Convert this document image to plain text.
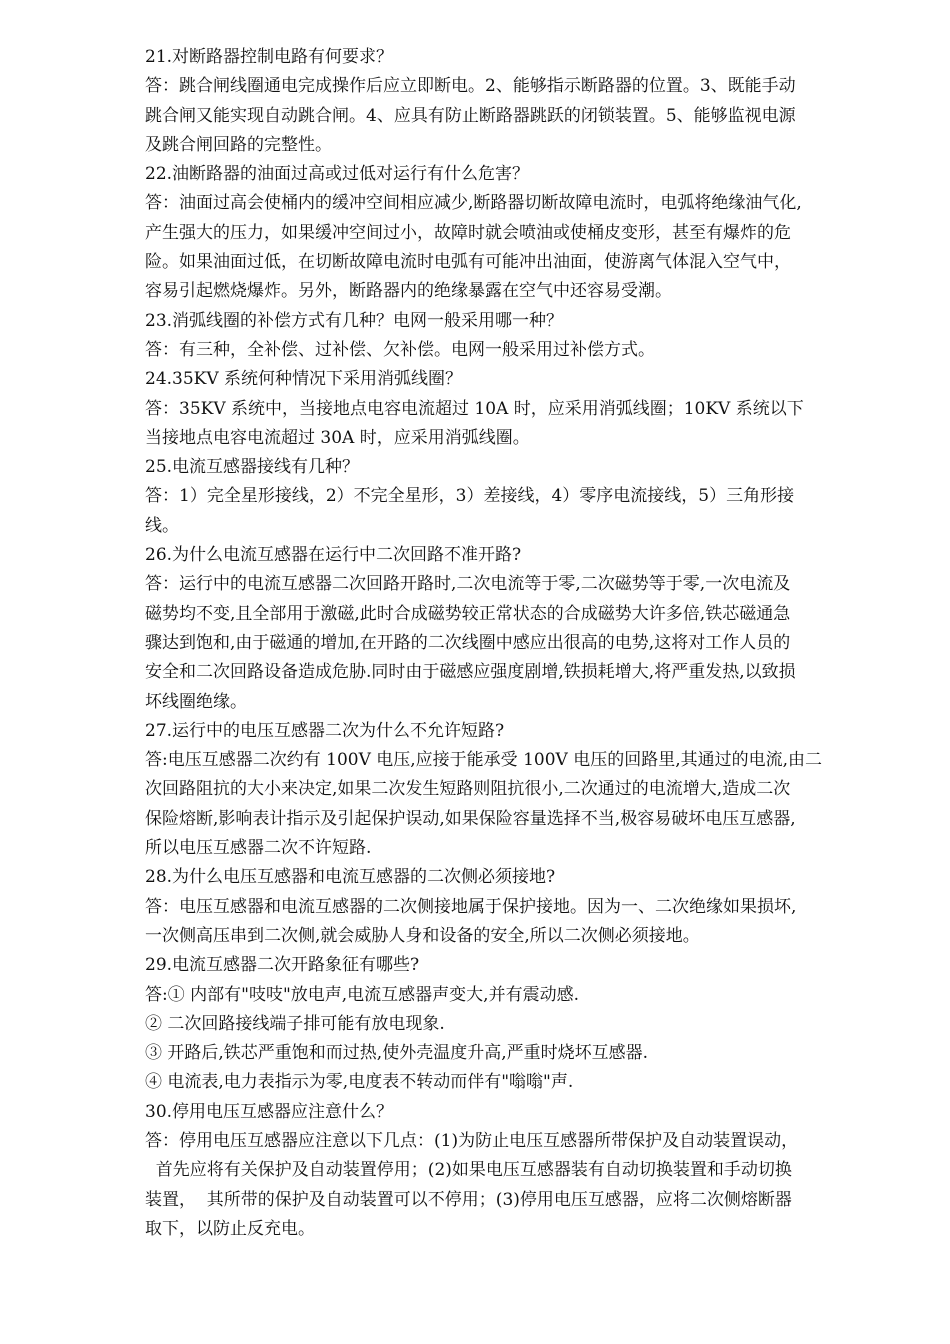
21.对断路器控制电路有何要求？
答：跳合闸线圈通电完成操作后应立即断电。2、能够指示断路器的位置。3、既能手动
跳合闸又能实现自动跳合闸。4、应具有防止断路器跳跃的闭锁装置。5、能够监视电源
及跳合闸回路的完整性。
22.油断路器的油面过高或过低对运行有什么危害？
答：油面过高会使桶内的缓冲空间相应减少,断路器切断故障电流时，电弧将绝缘油气化,
产生强大的压力，如果缓冲空间过小，故障时就会喷油或使桶皮变形，甚至有爆炸的危
险。如果油面过低，在切断故障电流时电弧有可能冲出油面，使游离气体混入空气中，
容易引起燃烧爆炸。另外，断路器内的绝缘暴露在空气中还容易受潮。
23.消弧线圈的补偿方式有几种？电网一般采用哪一种？
答：有三种，全补偿、过补偿、欠补偿。电网一般采用过补偿方式。
24.35KV 系统何种情况下采用消弧线圈？
答：35KV 系统中，当接地点电容电流超过 10A 时，应采用消弧线圈；10KV 系统以下
当接地点电容电流超过 30A 时，应采用消弧线圈。
25.电流互感器接线有几种？
答：1）完全星形接线，2）不完全星形，3）差接线，4）零序电流接线，5）三角形接
线。
26.为什么电流互感器在运行中二次回路不准开路?
答：运行中的电流互感器二次回路开路时,二次电流等于零,二次磁势等于零,一次电流及
磁势均不变,且全部用于激磁,此时合成磁势较正常状态的合成磁势大许多倍,铁芯磁通急
骤达到饱和,由于磁通的增加,在开路的二次线圈中感应出很高的电势,这将对工作人员的
安全和二次回路设备造成危胁.同时由于磁感应强度剧增,铁损耗增大,将严重发热,以致损
坏线圈绝缘。
27.运行中的电压互感器二次为什么不允许短路?
答:电压互感器二次约有 100V 电压,应接于能承受 100V 电压的回路里,其通过的电流,由二
次回路阻抗的大小来决定,如果二次发生短路则阻抗很小,二次通过的电流增大,造成二次
保险熔断,影响表计指示及引起保护误动,如果保险容量选择不当,极容易破坏电压互感器,
所以电压互感器二次不许短路.
28.为什么电压互感器和电流互感器的二次侧必须接地?
答：电压互感器和电流互感器的二次侧接地属于保护接地。因为一、二次绝缘如果损坏,
一次侧高压串到二次侧,就会威胁人身和设备的安全,所以二次侧必须接地。
29.电流互感器二次开路象征有哪些?
答:① 内部有"吱吱"放电声,电流互感器声变大,并有震动感.
② 二次回路接线端子排可能有放电现象.
③ 开路后,铁芯严重饱和而过热,使外壳温度升高,严重时烧坏互感器.
④ 电流表,电力表指示为零,电度表不转动而伴有"嗡嗡"声.
30.停用电压互感器应注意什么？
答：停用电压互感器应注意以下几点：(1)为防止电压互感器所带保护及自动装置误动，
首先应将有关保护及自动装置停用；(2)如果电压互感器装有自动切换装置和手动切换
装置，  其所带的保护及自动装置可以不停用；(3)停用电压互感器，应将二次侧熔断器
取下，以防止反充电。
